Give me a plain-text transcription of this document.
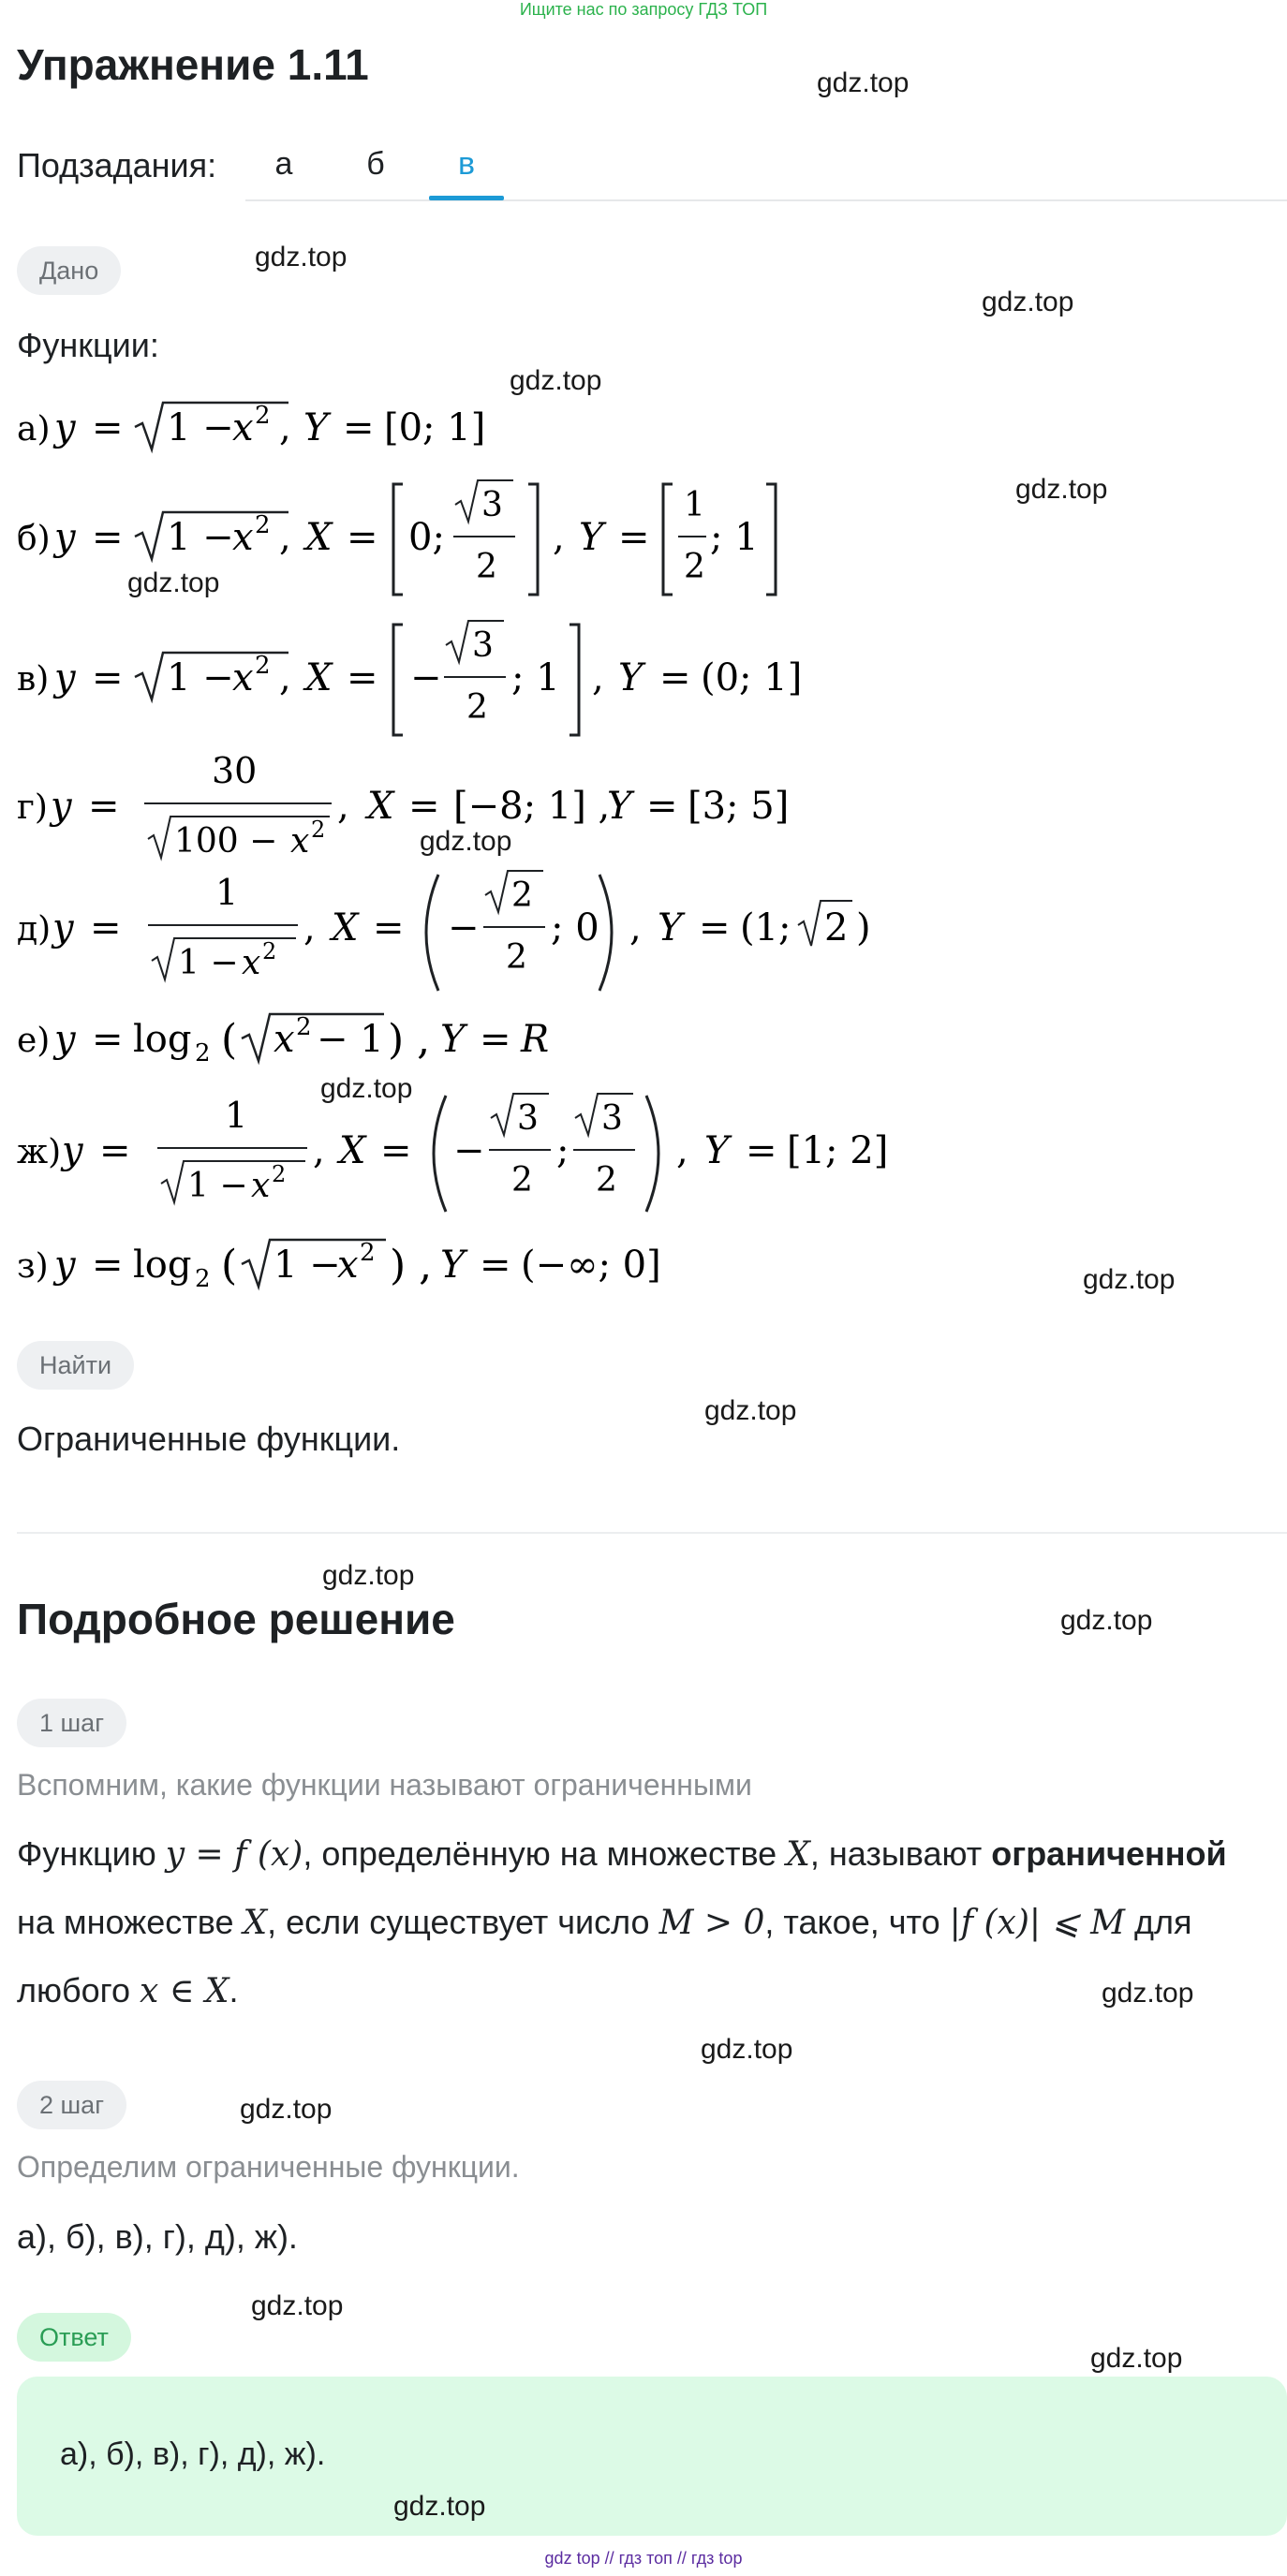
Ищите нас по запросу ГДЗ ТОП
Упражнение 1.11
Подзадания: а б в
Дано
Функции:
а) y = 1 −
x 2 , Y = [0; 1]
б) y = 1 −
x 2 , X = 0;
3
2
, Y =
1
2
; 1
в) y = 1 −
x 2 , X = −
3
2
; 1 , Y = (0; 1]
г) y =
30
100 − x 2
, X = [−8; 1] ,
Y = [3; 5]
д) y =
1
1 − x 2
, X = −
2
2
; 0 , Y = (1; 2 )
е) y = log 2 ( x 2 − 1 ) , Y = R
ж) y =
1
1 − x 2
, X = −
3
2
;
3
2
, Y = [1; 2]
з) y = log 2 ( 1 −
x 2 ) , Y = (−∞; 0]
Найти
Ограниченные функции.
Подробное решение
1 шаг
Вспомним, какие функции называют ограниченными
Функцию y = f (x), определённую на множестве X, называют ограниченной
на множестве X, если существует число M > 0, такое, что |f (x)| ⩽ M для
любого x ∈ X.
2 шаг
Определим ограниченные функции.
а), б), в), г), д), ж).
Ответ
а), б), в), г), д), ж).
gdz.top
gdz.top
gdz.top
gdz.top
gdz.top
gdz.top
gdz.top
gdz.top
gdz.top
gdz.top
gdz.top
gdz.top
gdz.top
gdz.top
gdz.top
gdz.top
gdz.top
gdz.top
gdz top // гдз топ // гдз top
